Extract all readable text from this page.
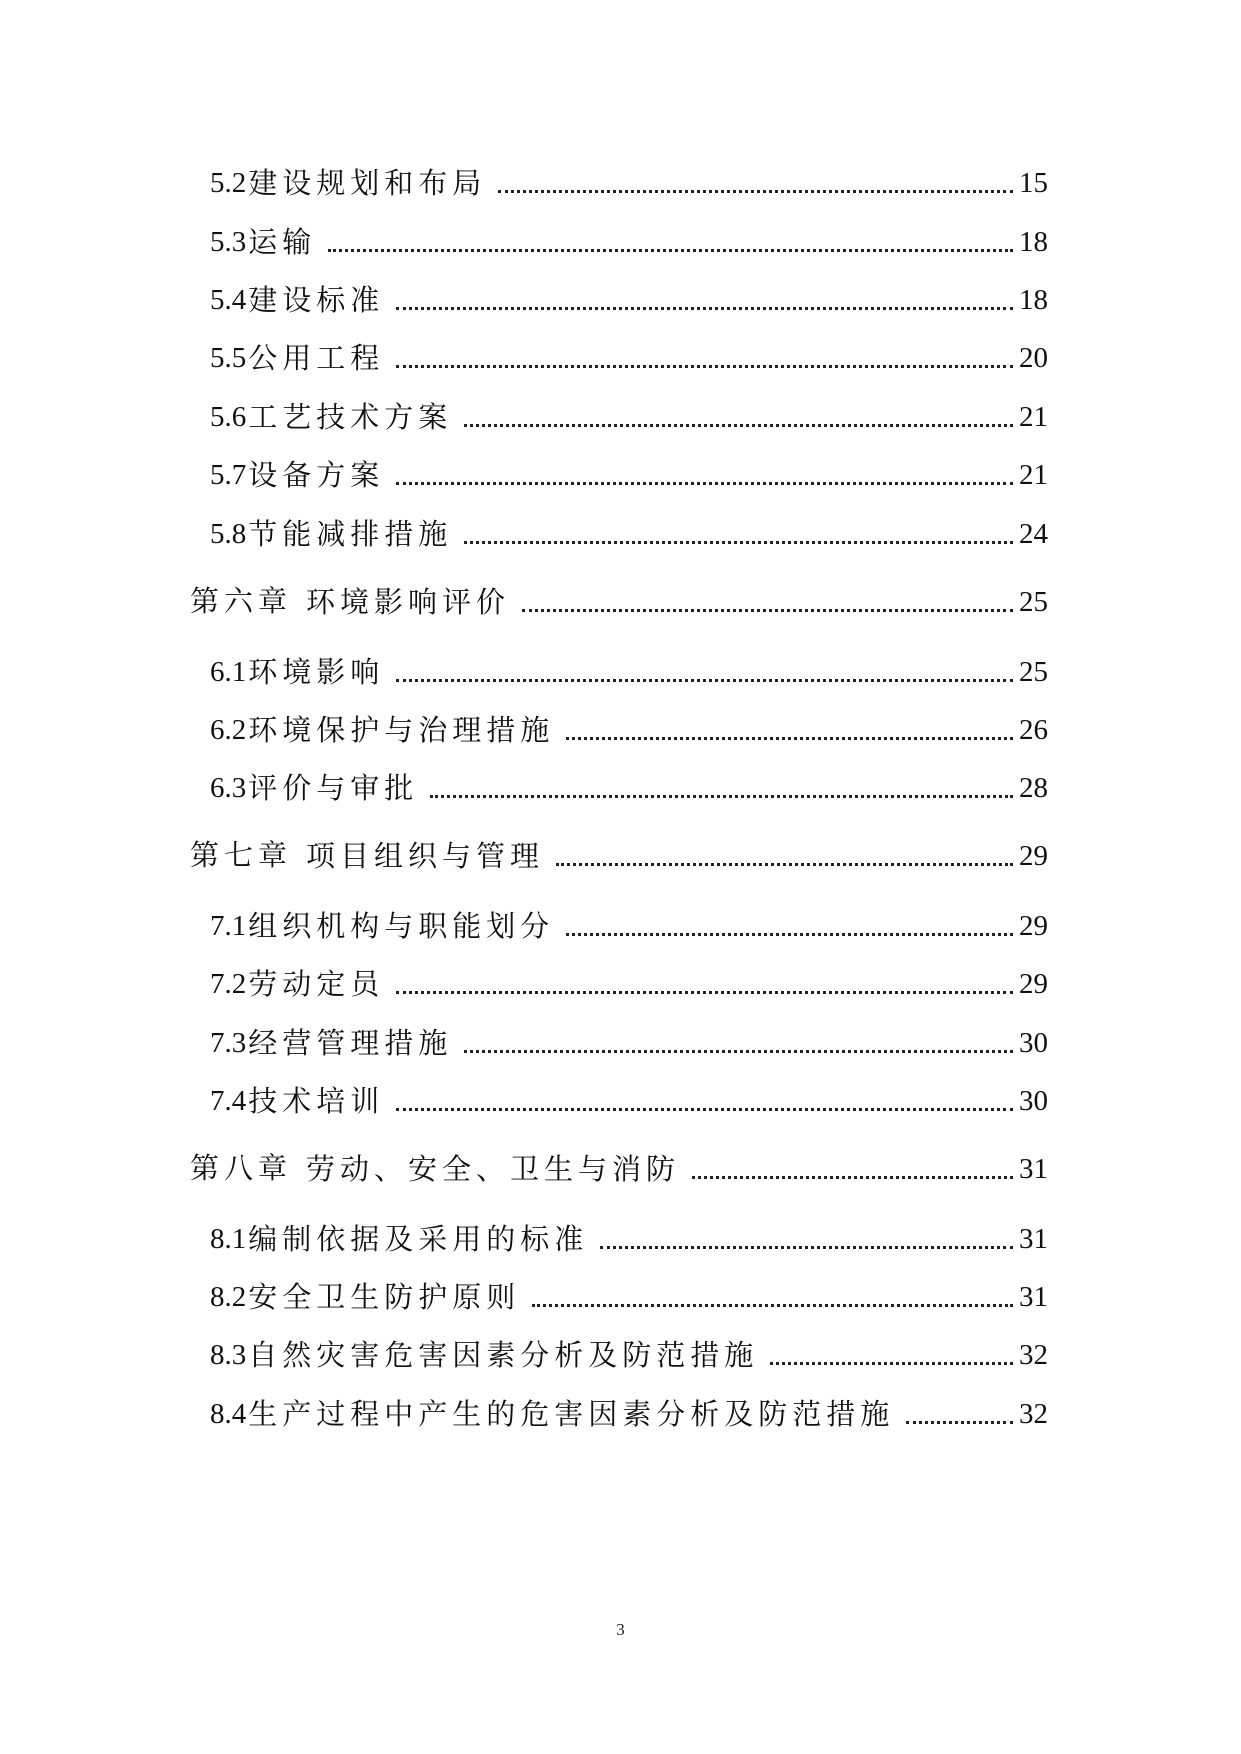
5.2 建设规划和布局	15
5.3 运输	18
5.4 建设标准	18
5.5 公用工程	20
5.6 工艺技术方案	21
5.7 设备方案	21
5.8 节能减排措施	24
第六章 环境影响评价	25
6.1 环境影响	25
6.2 环境保护与治理措施	26
6.3 评价与审批	28
第七章 项目组织与管理	29
7.1 组织机构与职能划分	29
7.2 劳动定员	29
7.3 经营管理措施	30
7.4 技术培训	30
第八章 劳动、安全、卫生与消防	31
8.1 编制依据及采用的标准	31
8.2 安全卫生防护原则	31
8.3 自然灾害危害因素分析及防范措施	32
8.4 生产过程中产生的危害因素分析及防范措施	32
3
